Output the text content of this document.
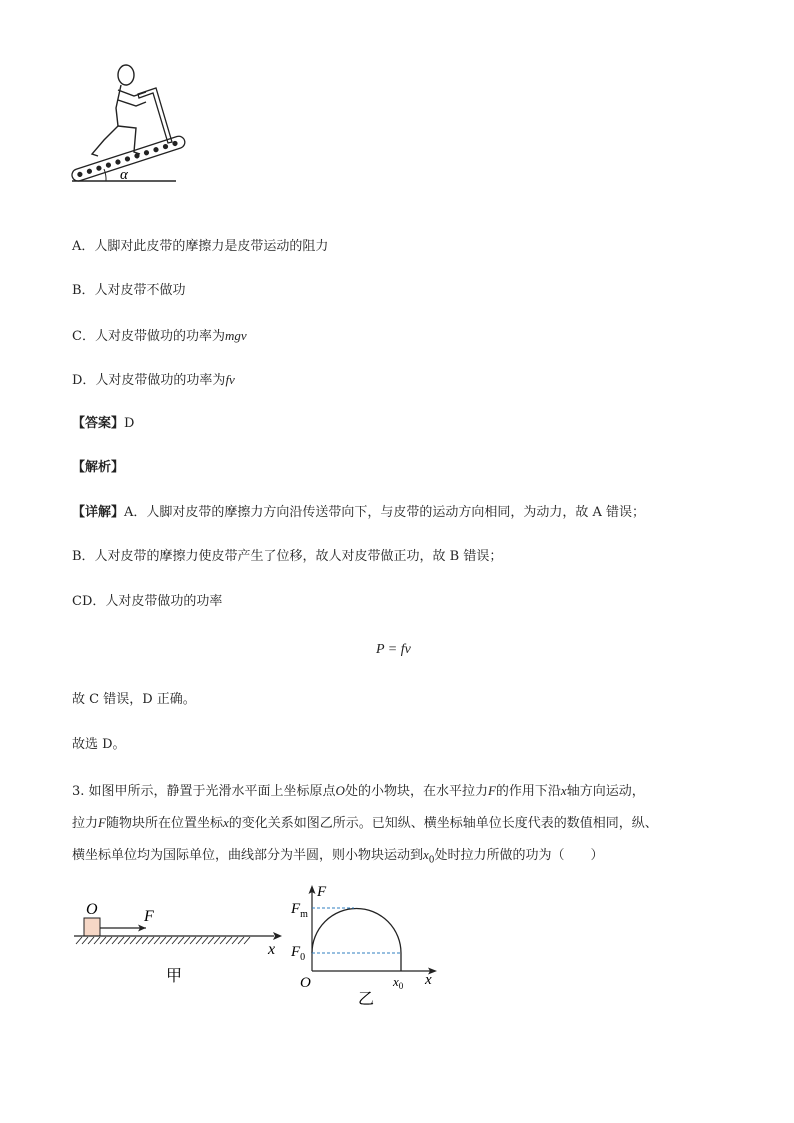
α
A．人脚对此皮带的摩擦力是皮带运动的阻力
B．人对皮带不做功
C．人对皮带做功的功率为mgv
D．人对皮带做功的功率为fv
【答案】D
【解析】
【详解】A．人脚对皮带的摩擦力方向沿传送带向下，与皮带的运动方向相同，为动力，故 A 错误；
B．人对皮带的摩擦力使皮带产生了位移，故人对皮带做正功，故 B 错误；
CD．人对皮带做功的功率
P = fv
故 C 错误，D 正确。
故选 D。
3. 如图甲所示，静置于光滑水平面上坐标原点O处的小物块，在水平拉力F的作用下沿x轴方向运动，
拉力F随物块所在位置坐标x的变化关系如图乙所示。已知纵、横坐标轴单位长度代表的数值相同，纵、
横坐标单位均为国际单位，曲线部分为半圆，则小物块运动到$x_0$处时拉力所做的功为（　　）
O	F
x
甲
F
$F_m$
$F_0$
O	$x_0$ x
乙
